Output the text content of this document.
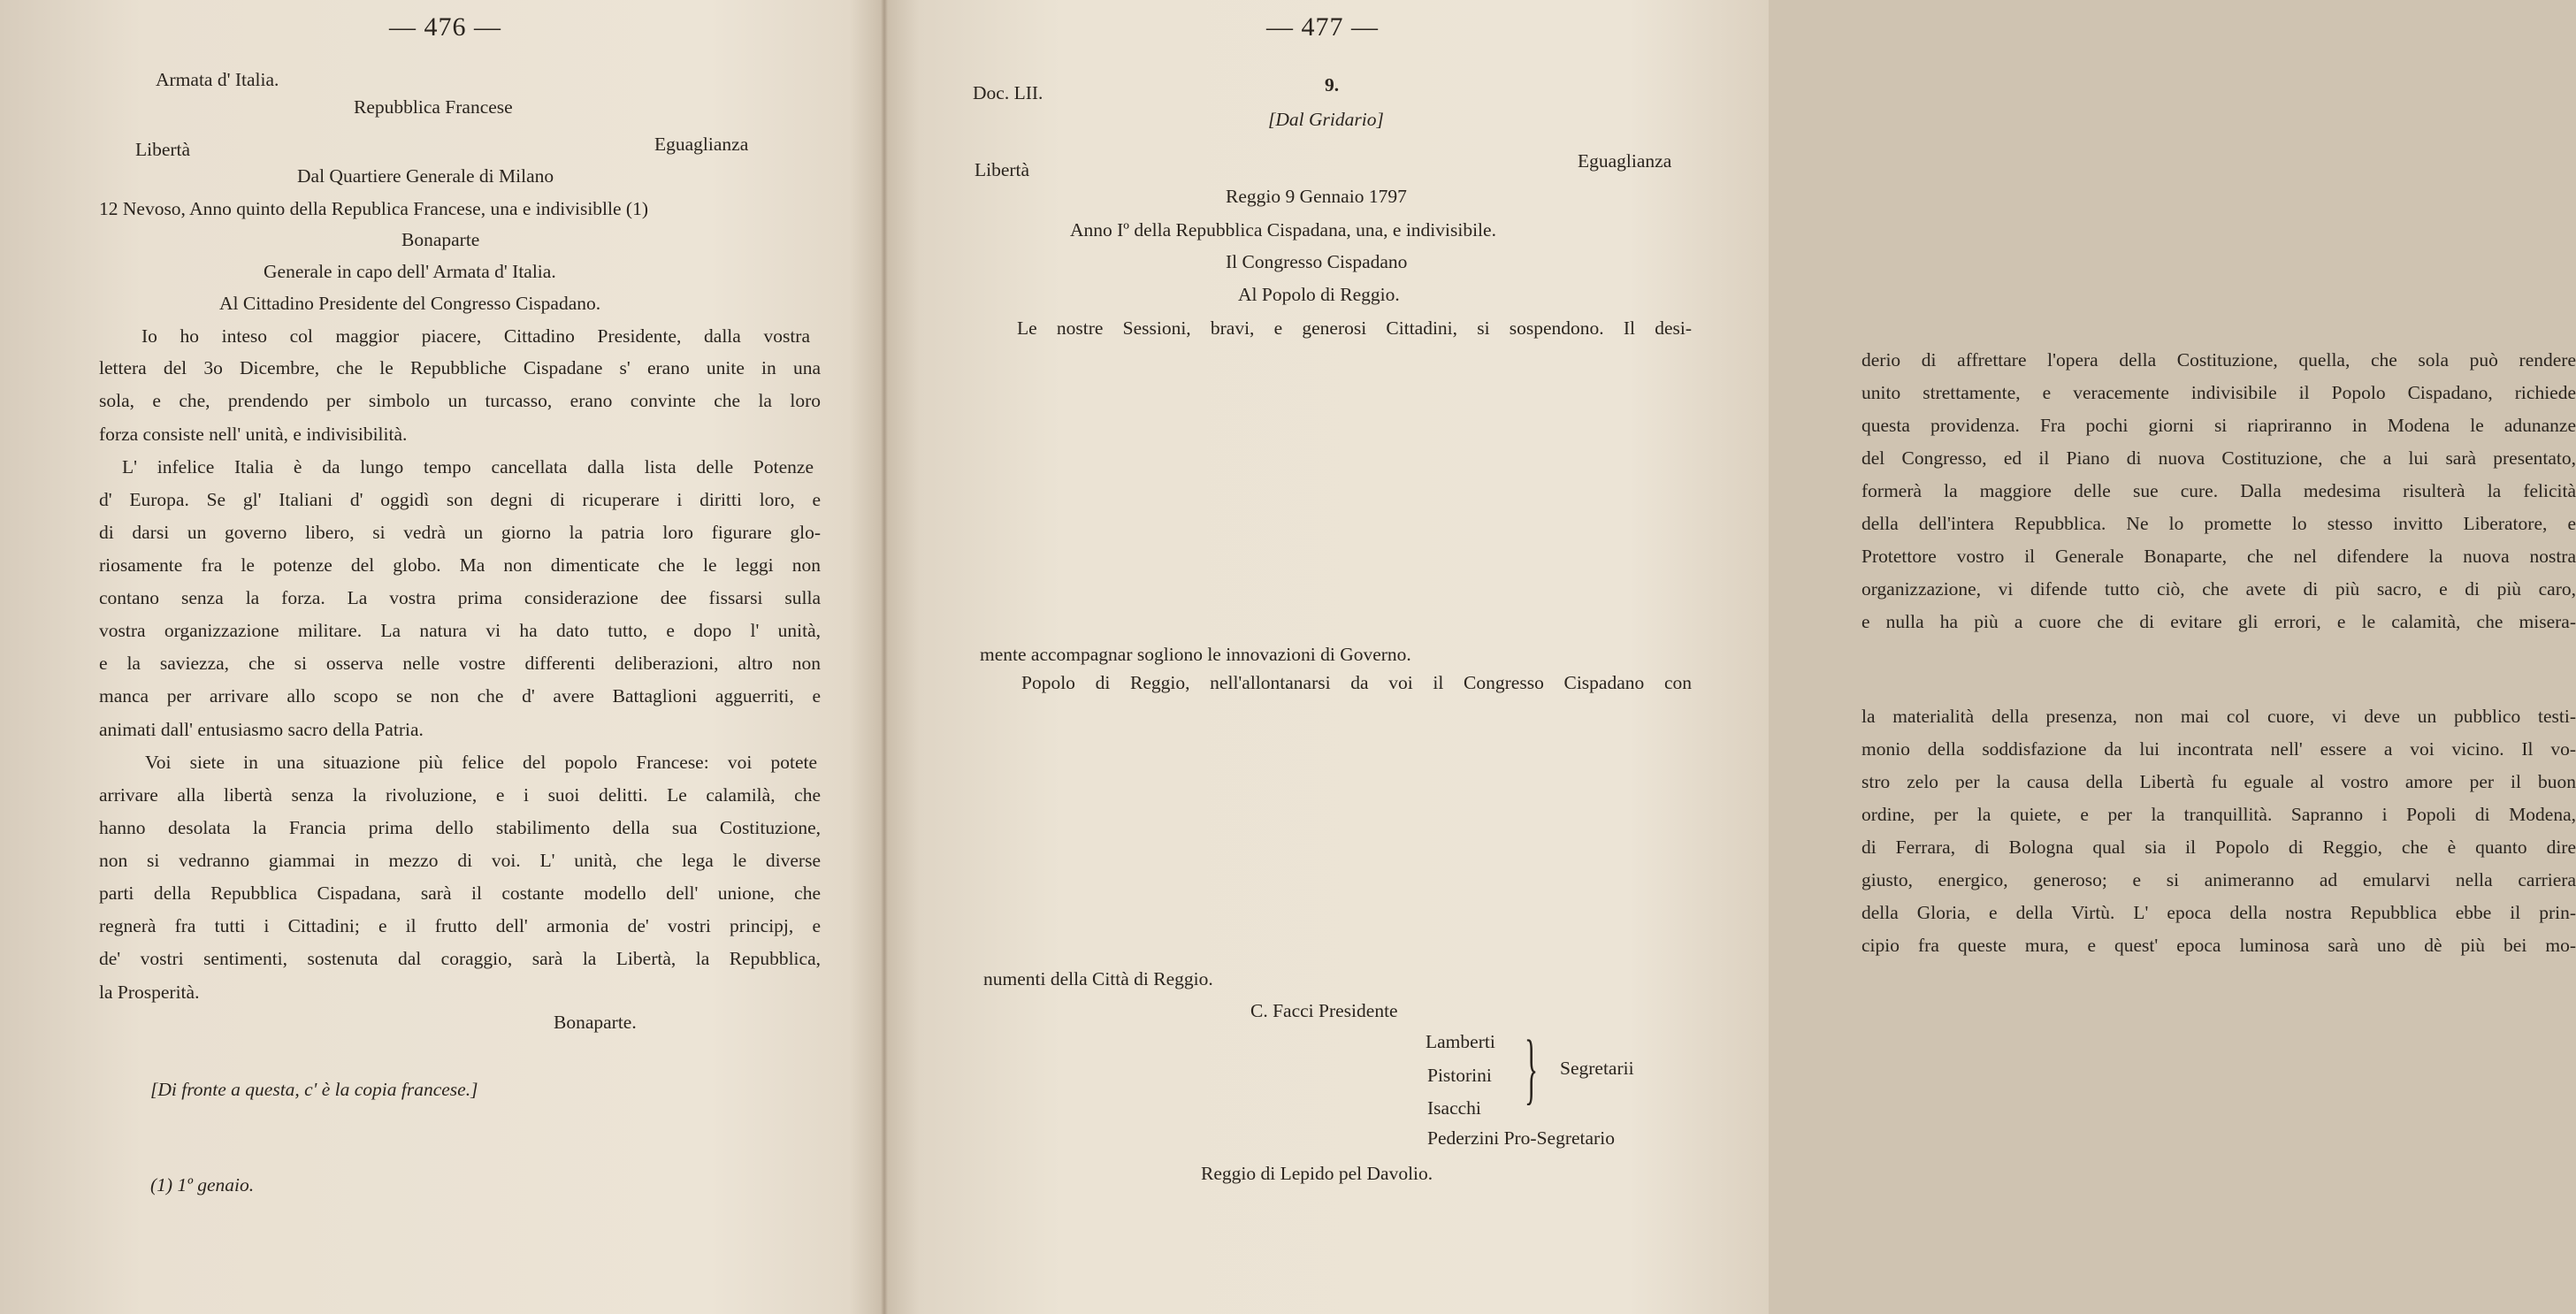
— 476 —
Armata d' Italia.
Repubblica Francese
Libertà	Eguaglianza
Dal Quartiere Generale di Milano
12 Nevoso, Anno quinto della Republica Francese, una e indivisiblle (1)
Bonaparte
Generale in capo dell' Armata d' Italia.
Al Cittadino Presidente del Congresso Cispadano.
Io ho inteso col maggior piacere, Cittadino Presidente, dalla vostra
lettera del 3o Dicembre, che le Repubbliche Cispadane s' erano unite in una
sola, e che, prendendo per simbolo un turcasso, erano convinte che la loro
forza consiste nell' unità, e indivisibilità.
L' infelice Italia è da lungo tempo cancellata dalla lista delle Potenze
d' Europa. Se gl' Italiani d' oggidì son degni di ricuperare i diritti loro, e
di darsi un governo libero, si vedrà un giorno la patria loro figurare glo-
riosamente fra le potenze del globo. Ma non dimenticate che le leggi non
contano senza la forza. La vostra prima considerazione dee fissarsi sulla
vostra organizzazione militare. La natura vi ha dato tutto, e dopo l' unità,
e la saviezza, che si osserva nelle vostre differenti deliberazioni, altro non
manca per arrivare allo scopo se non che d' avere Battaglioni agguerriti, e
animati dall' entusiasmo sacro della Patria.
Voi siete in una situazione più felice del popolo Francese: voi potete
arrivare alla libertà senza la rivoluzione, e i suoi delitti. Le calamilà, che
hanno desolata la Francia prima dello stabilimento della sua Costituzione,
non si vedranno giammai in mezzo di voi. L' unità, che lega le diverse
parti della Repubblica Cispadana, sarà il costante modello dell' unione, che
regnerà fra tutti i Cittadini; e il frutto dell' armonia de' vostri principj, e
de' vostri sentimenti, sostenuta dal coraggio, sarà la Libertà, la Repubblica,
la Prosperità.
Bonaparte.
[Di fronte a questa, c' è la copia francese.]
(1) 1º genaio.
— 477 —
Doc. LII.	9.
[Dal Gridario]
Libertà	Eguaglianza
Reggio 9 Gennaio 1797
Anno Iº della Repubblica Cispadana, una, e indivisibile.
Il Congresso Cispadano
Al Popolo di Reggio.
Le nostre Sessioni, bravi, e generosi Cittadini, si sospendono. Il desi-
derio di affrettare l'opera della Costituzione, quella, che sola può rendere
unito strettamente, e veracemente indivisibile il Popolo Cispadano, richiede
questa providenza. Fra pochi giorni si riapriranno in Modena le adunanze
del Congresso, ed il Piano di nuova Costituzione, che a lui sarà presentato,
formerà la maggiore delle sue cure. Dalla medesima risulterà la felicità
della dell'intera Repubblica. Ne lo promette lo stesso invitto Liberatore, e
Protettore vostro il Generale Bonaparte, che nel difendere la nuova nostra
organizzazione, vi difende tutto ciò, che avete di più sacro, e di più caro,
e nulla ha più a cuore che di evitare gli errori, e le calamità, che misera-
mente accompagnar sogliono le innovazioni di Governo.
Popolo di Reggio, nell'allontanarsi da voi il Congresso Cispadano con
la materialità della presenza, non mai col cuore, vi deve un pubblico testi-
monio della soddisfazione da lui incontrata nell' essere a voi vicino. Il vo-
stro zelo per la causa della Libertà fu eguale al vostro amore per il buon
ordine, per la quiete, e per la tranquillità. Sapranno i Popoli di Modena,
di Ferrara, di Bologna qual sia il Popolo di Reggio, che è quanto dire
giusto, energico, generoso; e si animeranno ad emularvi nella carriera
della Gloria, e della Virtù. L' epoca della nostra Repubblica ebbe il prin-
cipio fra queste mura, e quest' epoca luminosa sarà uno dè più bei mo-
numenti della Città di Reggio.
C. Facci Presidente
Lamberti
Pistorini
Isacchi } Segretarii
Pederzini Pro-Segretario
Reggio di Lepido pel Davolio.
